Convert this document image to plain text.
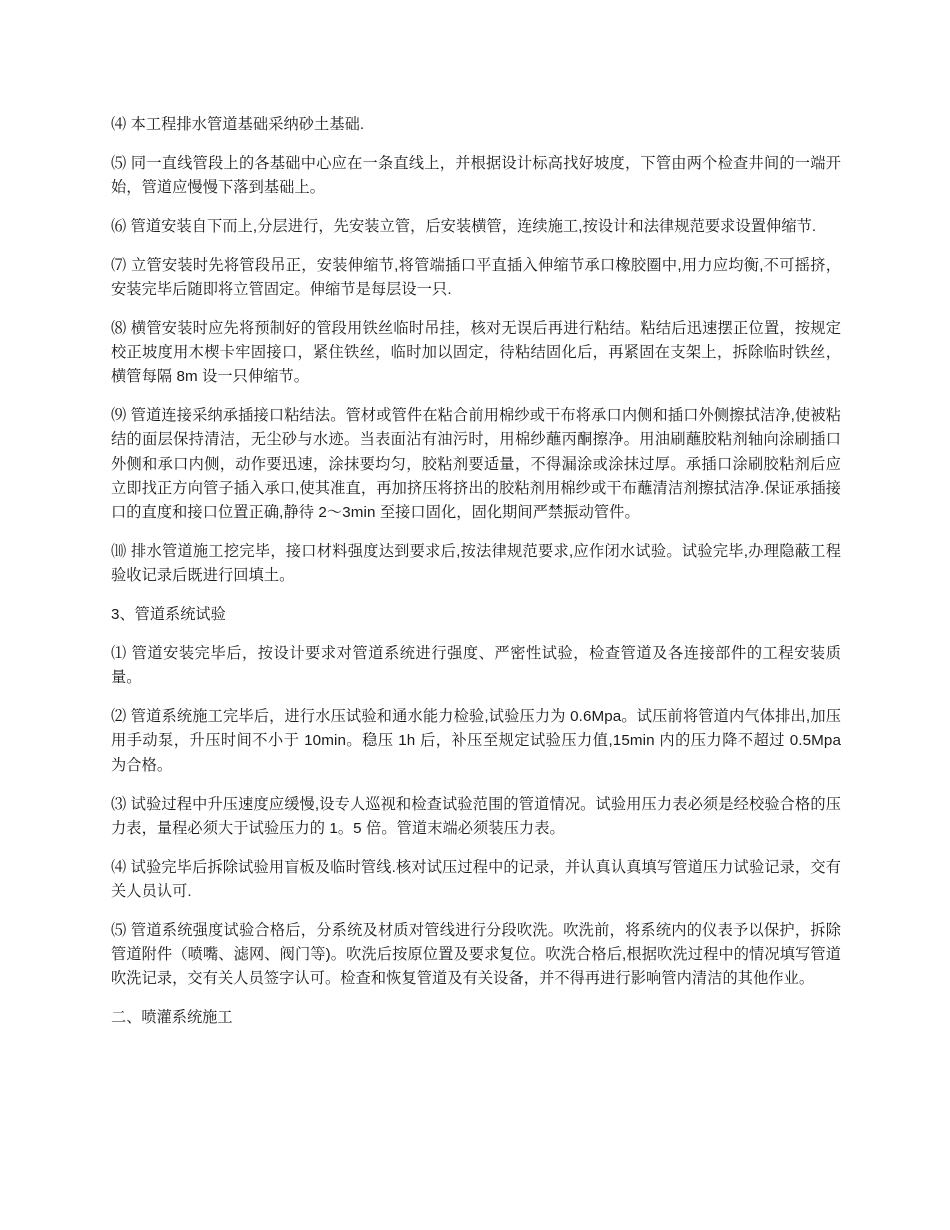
⑷ 本工程排水管道基础采纳砂土基础.

⑸ 同一直线管段上的各基础中心应在一条直线上，并根据设计标高找好坡度，下管由两个检查井间的一端开始，管道应慢慢下落到基础上。

⑹ 管道安装自下而上,分层进行，先安装立管，后安装横管，连续施工,按设计和法律规范要求设置伸缩节.

⑺ 立管安装时先将管段吊正，安装伸缩节,将管端插口平直插入伸缩节承口橡胶圈中,用力应均衡,不可摇挤，安装完毕后随即将立管固定。伸缩节是每层设一只.

⑻ 横管安装时应先将预制好的管段用铁丝临时吊挂，核对无误后再进行粘结。粘结后迅速摆正位置，按规定校正坡度用木楔卡牢固接口，紧住铁丝，临时加以固定，待粘结固化后，再紧固在支架上，拆除临时铁丝，横管每隔 8m 设一只伸缩节。

⑼ 管道连接采纳承插接口粘结法。管材或管件在粘合前用棉纱或干布将承口内侧和插口外侧擦拭洁净,使被粘结的面层保持清洁，无尘砂与水迹。当表面沾有油污时，用棉纱蘸丙酮擦净。用油刷蘸胶粘剂轴向涂刷插口外侧和承口内侧，动作要迅速，涂抹要均匀，胶粘剂要适量，不得漏涂或涂抹过厚。承插口涂刷胶粘剂后应立即找正方向管子插入承口,使其准直，再加挤压将挤出的胶粘剂用棉纱或干布蘸清洁剂擦拭洁净.保证承插接口的直度和接口位置正确,静待 2～3min 至接口固化，固化期间严禁振动管件。

⑽ 排水管道施工挖完毕，接口材料强度达到要求后,按法律规范要求,应作闭水试验。试验完毕,办理隐蔽工程验收记录后既进行回填土。

3、管道系统试验

⑴ 管道安装完毕后，按设计要求对管道系统进行强度、严密性试验，检查管道及各连接部件的工程安装质量。

⑵ 管道系统施工完毕后，进行水压试验和通水能力检验,试验压力为 0.6Mpa。试压前将管道内气体排出,加压用手动泵，升压时间不小于 10min。稳压 1h 后，补压至规定试验压力值,15min 内的压力降不超过 0.5Mpa 为合格。

⑶ 试验过程中升压速度应缓慢,设专人巡视和检查试验范围的管道情况。试验用压力表必须是经校验合格的压力表，量程必须大于试验压力的 1。5 倍。管道末端必须装压力表。

⑷ 试验完毕后拆除试验用盲板及临时管线.核对试压过程中的记录，并认真认真填写管道压力试验记录，交有关人员认可.

⑸ 管道系统强度试验合格后，分系统及材质对管线进行分段吹洗。吹洗前，将系统内的仪表予以保护，拆除管道附件（喷嘴、滤网、阀门等)。吹洗后按原位置及要求复位。吹洗合格后,根据吹洗过程中的情况填写管道吹洗记录，交有关人员签字认可。检查和恢复管道及有关设备，并不得再进行影响管内清洁的其他作业。

二、喷灌系统施工
